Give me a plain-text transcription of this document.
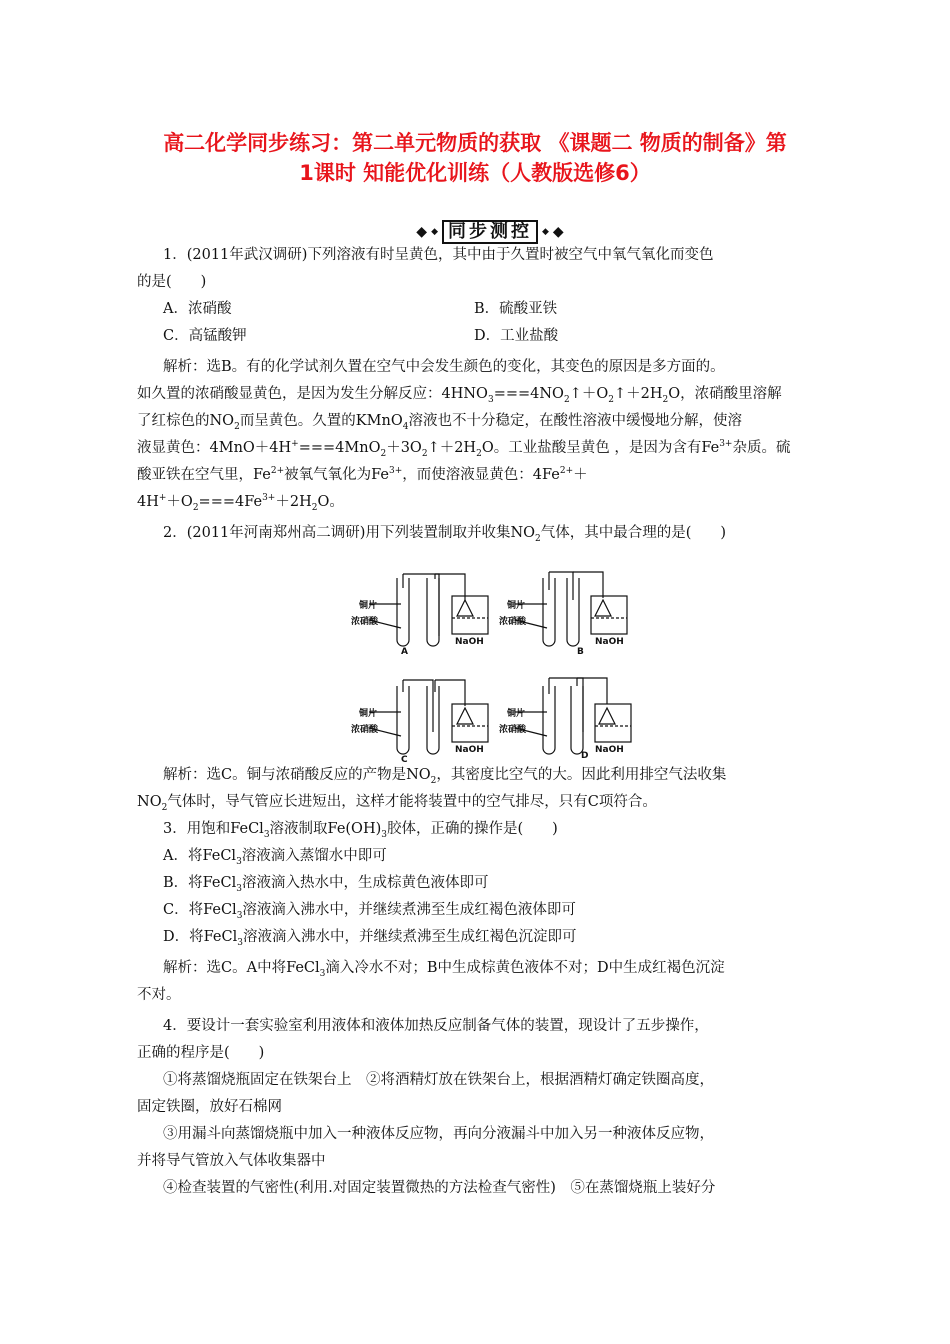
高二化学同步练习：第二单元物质的获取 《课题二 物质的制备》第
1课时 知能优化训练（人教版选修6）
◆ ◆ 同步测控	◆ ◆
1．(2011年武汉调研)下列溶液有时呈黄色，其中由于久置时被空气中氧气氧化而变色
的是(　　)
A．浓硝酸	B．硫酸亚铁
C．高锰酸钾	D．工业盐酸
解析：选B。有的化学试剂久置在空气中会发生颜色的变化，其变色的原因是多方面的。
如久置的浓硝酸显黄色，是因为发生分解反应：$4HNO_3===4NO_2↑+O_2↑+2H_2O$，浓硝酸里溶解
了红棕色的$NO_2$而呈黄色。久置的KMnO$_4$溶液也不十分稳定，在酸性溶液中缓慢地分解，使溶
液显黄色：$4MnO+4H^+===4MnO_2+3O_2↑+2H_2O$。工业盐酸呈黄色 ，是因为含有$Fe^{3+}$杂质。硫
酸亚铁在空气里，$Fe^{2+}$被氧气氧化为$Fe^{3+}$，而使溶液显黄色：$4Fe^{2+}+$
$4H^++O_2===4Fe^{3+}+2H_2O$。
2．(2011年河南郑州高二调研)用下列装置制取并收集$NO_2$气体，其中最合理的是(　　)
铜片
浓硝酸
NaOH
A
铜片
浓硝酸
NaOH
B
铜片
浓硝酸
NaOH
C
铜片
浓硝酸
NaOH
D
解析：选C。铜与浓硝酸反应的产物是$NO_2$，其密度比空气的大。因此利用排空气法收集
$NO_2$气体时，导气管应长进短出，这样才能将装置中的空气排尽，只有C项符合。
3．用饱和FeCl$_3$溶液制取$Fe(OH)_3$胶体，正确的操作是(　　)
A．将FeCl$_3$溶液滴入蒸馏水中即可
B．将FeCl$_3$溶液滴入热水中，生成棕黄色液体即可
C．将FeCl$_3$溶液滴入沸水中，并继续煮沸至生成红褐色液体即可
D．将FeCl$_3$溶液滴入沸水中，并继续煮沸至生成红褐色沉淀即可
解析：选C。A中将FeCl$_3$滴入冷水不对；B中生成棕黄色液体不对；D中生成红褐色沉淀
不对。
4．要设计一套实验室利用液体和液体加热反应制备气体的装置，现设计了五步操作，
正确的程序是(　　)
①将蒸馏烧瓶固定在铁架台上　②将酒精灯放在铁架台上，根据酒精灯确定铁圈高度，
固定铁圈，放好石棉网
③用漏斗向蒸馏烧瓶中加入一种液体反应物，再向分液漏斗中加入另一种液体反应物，
并将导气管放入气体收集器中
④检查装置的气密性(利用.对固定装置微热的方法检查气密性)　⑤在蒸馏烧瓶上装好分
